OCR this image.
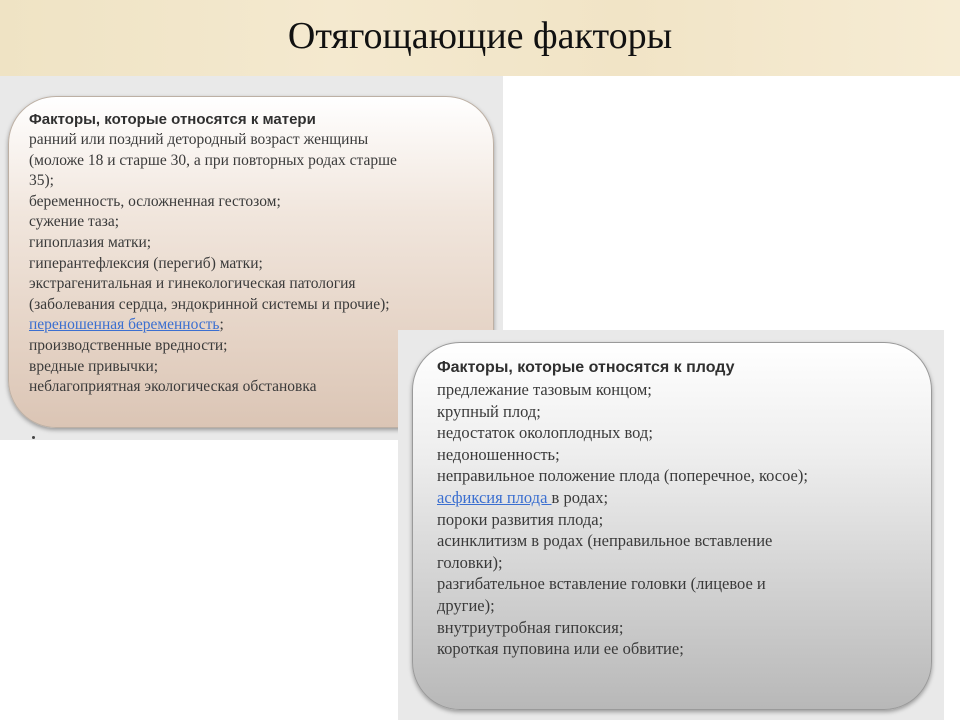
Отягощающие факторы
Факторы, которые относятся к матери
ранний или поздний детородный возраст женщины
(моложе 18 и старше 30, а при повторных родах старше
35);
беременность, осложненная гестозом;
сужение таза;
гипоплазия матки;
гиперантефлексия (перегиб) матки;
экстрагенитальная и гинекологическая патология
(заболевания сердца, эндокринной системы и прочие);
переношенная беременность;
производственные вредности;
вредные привычки;
неблагоприятная экологическая обстановка
Факторы, которые относятся к плоду
предлежание тазовым концом;
крупный плод;
недостаток околоплодных вод;
недоношенность;
неправильное положение плода (поперечное, косое);
асфиксия плода в родах;
пороки развития плода;
асинклитизм в родах (неправильное вставление
головки);
разгибательное вставление головки (лицевое и
другие);
внутриутробная гипоксия;
короткая пуповина или ее обвитие;
